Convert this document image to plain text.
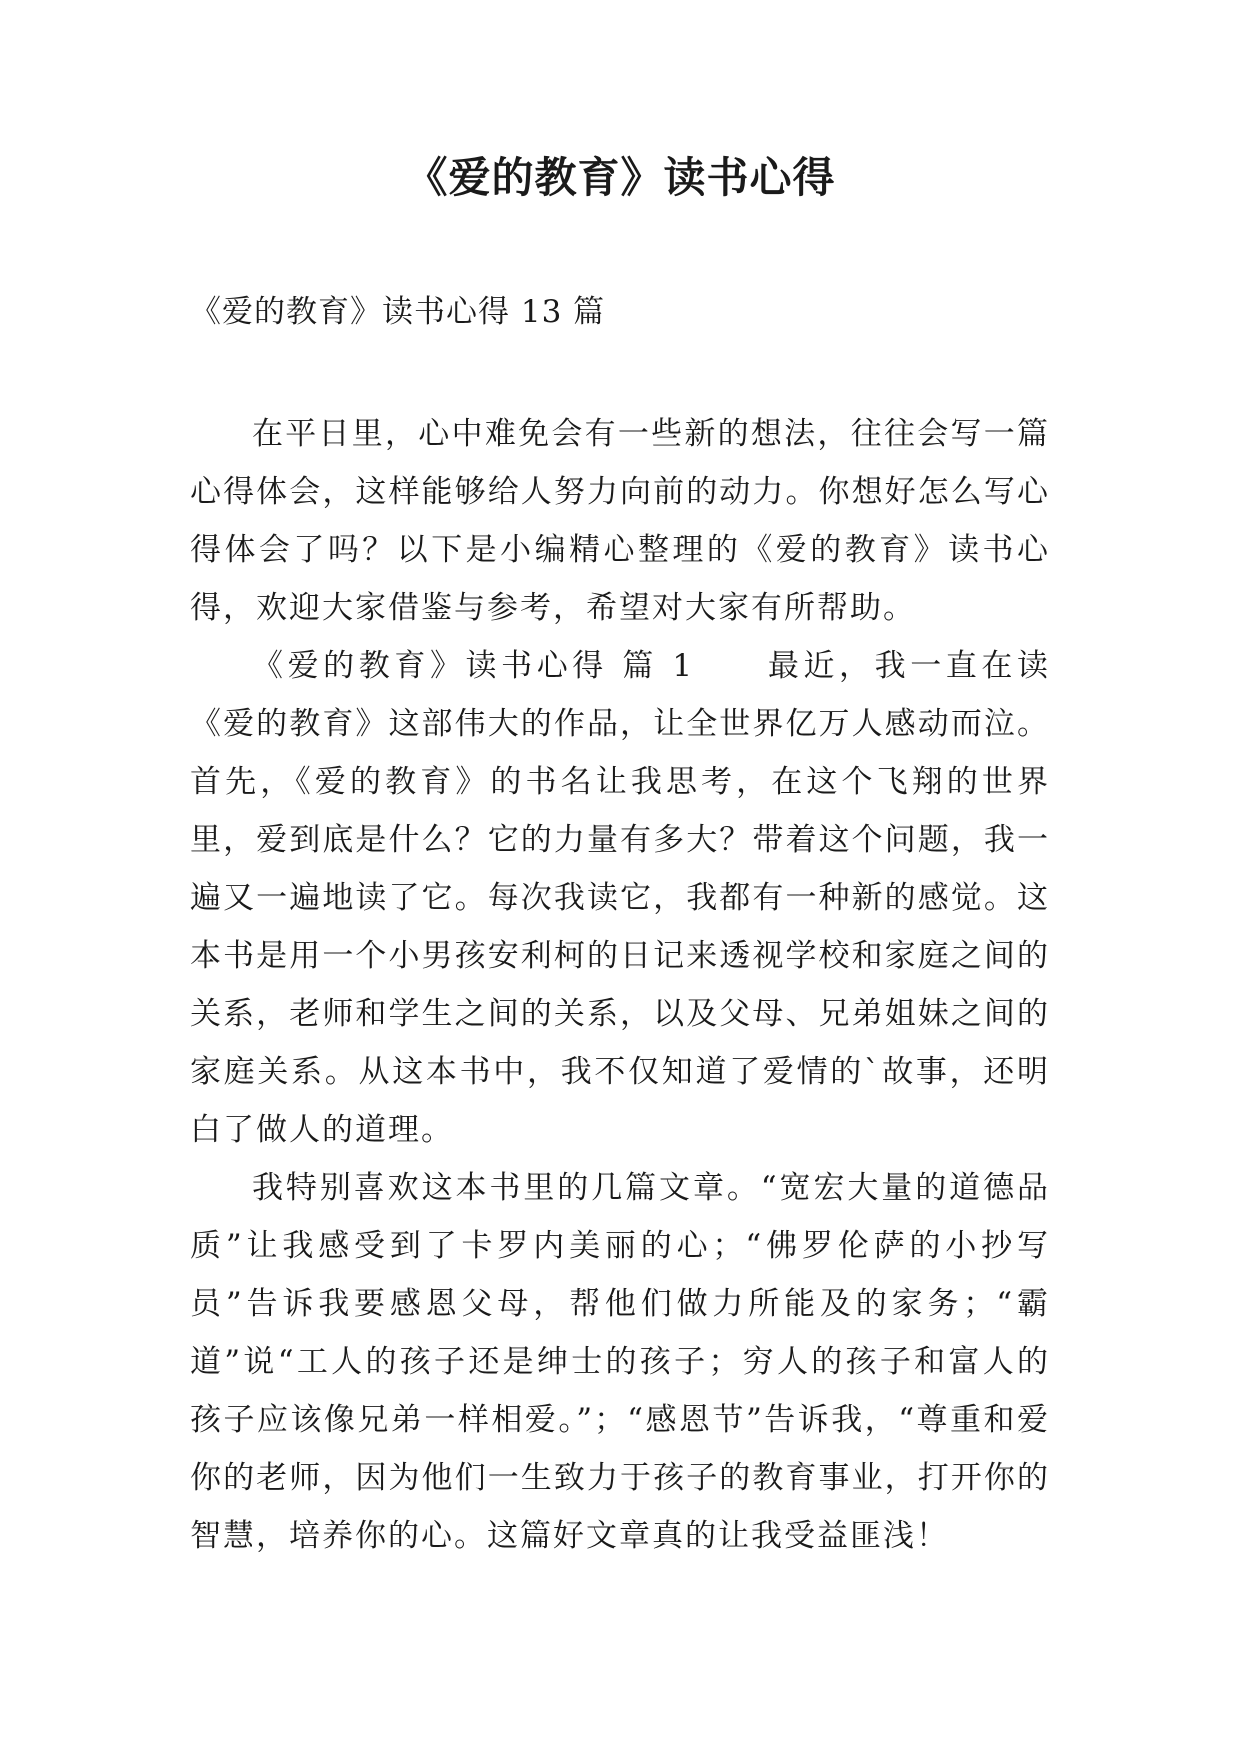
《爱的教育》读书心得
《爱的教育》读书心得 13 篇

在平日里，心中难免会有一些新的想法，往往会写一篇心得体会，这样能够给人努力向前的动力。你想好怎么写心得体会了吗？以下是小编精心整理的《爱的教育》读书心得，欢迎大家借鉴与参考，希望对大家有所帮助。

《爱的教育》读书心得 篇 1　　最近，我一直在读《爱的教育》这部伟大的作品，让全世界亿万人感动而泣。首先，《爱的教育》的书名让我思考，在这个飞翔的世界里，爱到底是什么？它的力量有多大？带着这个问题，我一遍又一遍地读了它。每次我读它，我都有一种新的感觉。这本书是用一个小男孩安利柯的日记来透视学校和家庭之间的关系，老师和学生之间的关系，以及父母、兄弟姐妹之间的家庭关系。从这本书中，我不仅知道了爱情的`故事，还明白了做人的道理。

我特别喜欢这本书里的几篇文章。“宽宏大量的道德品质”让我感受到了卡罗内美丽的心；“佛罗伦萨的小抄写员”告诉我要感恩父母，帮他们做力所能及的家务；“霸道”说“工人的孩子还是绅士的孩子；穷人的孩子和富人的孩子应该像兄弟一样相爱。”；“感恩节”告诉我，“尊重和爱你的老师，因为他们一生致力于孩子的教育事业，打开你的智慧，培养你的心。这篇好文章真的让我受益匪浅！
